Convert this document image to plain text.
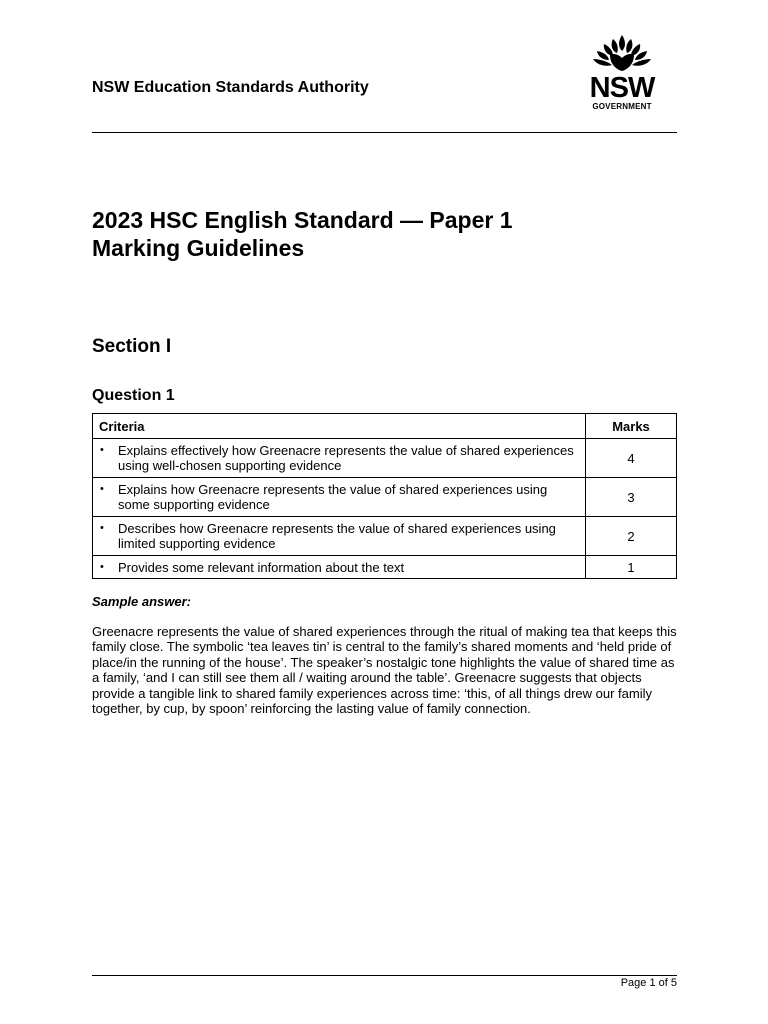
NSW Education Standards Authority	NSW
GOVERNMENT
2023 HSC English Standard — Paper 1
Marking Guidelines
Section I
Question 1
Criteria	Marks

• Explains effectively how Greenacre represents the value of shared experiences using well-chosen supporting evidence	4

• Explains how Greenacre represents the value of shared experiences using some supporting evidence	3

• Describes how Greenacre represents the value of shared experiences using limited supporting evidence	2

• Provides some relevant information about the text	1

Sample answer:

Greenacre represents the value of shared experiences through the ritual of making tea that keeps this family close. The symbolic ‘tea leaves tin’ is central to the family’s shared moments and ‘held pride of place/in the running of the house’. The speaker’s nostalgic tone highlights the value of shared time as a family, ‘and I can still see them all / waiting around the table’. Greenacre suggests that objects provide a tangible link to shared family experiences across time: ‘this, of all things drew our family together, by cup, by spoon’ reinforcing the lasting value of family connection.

Page 1 of 5
